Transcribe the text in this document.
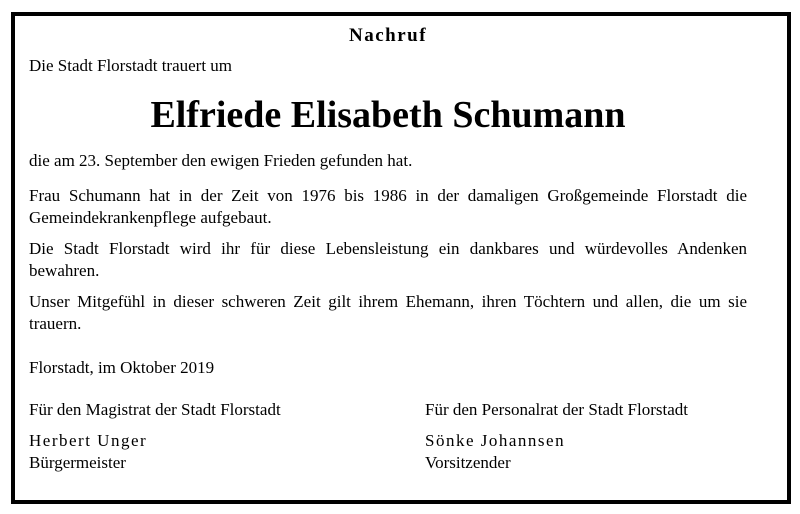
Nachruf
Die Stadt Florstadt trauert um
Elfriede Elisabeth Schumann
die am 23. September den ewigen Frieden gefunden hat.
Frau Schumann hat in der Zeit von 1976 bis 1986 in der damaligen Großgemeinde Florstadt die Gemeindekrankenpflege aufgebaut.
Die Stadt Florstadt wird ihr für diese Lebensleistung ein dankbares und würdevolles Andenken bewahren.
Unser Mitgefühl in dieser schweren Zeit gilt ihrem Ehemann, ihren Töchtern und allen, die um sie trauern.
Florstadt, im Oktober 2019
Für den Magistrat der Stadt Florstadt
Herbert Unger
Bürgermeister
Für den Personalrat der Stadt Florstadt
Sönke Johannsen
Vorsitzender
